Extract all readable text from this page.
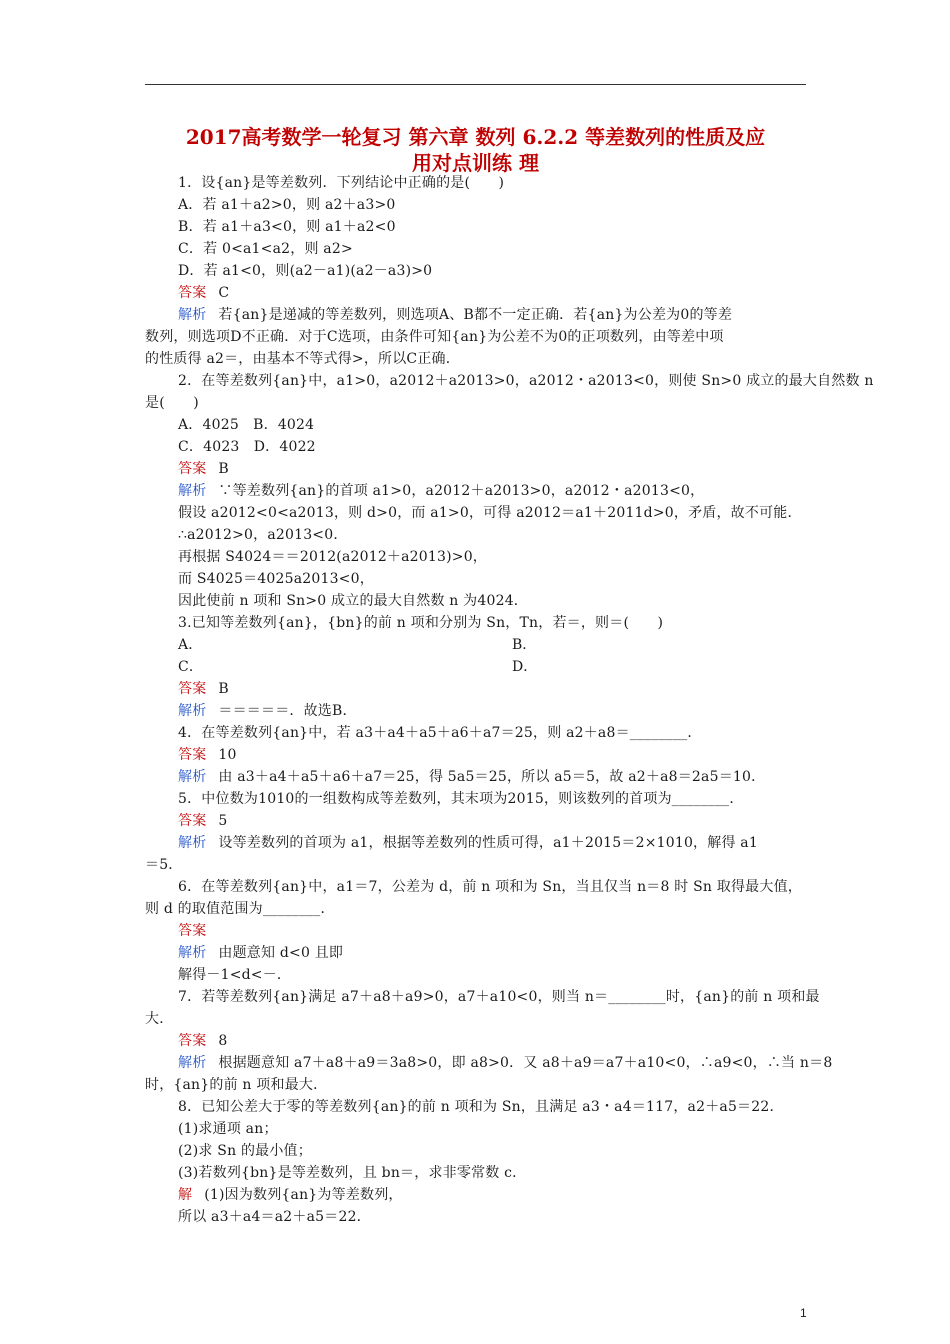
2017高考数学一轮复习 第六章 数列 6.2.2 等差数列的性质及应
用对点训练 理
1．设{an}是等差数列．下列结论中正确的是(　　)
A．若 a1＋a2>0，则 a2＋a3>0
B．若 a1＋a3<0，则 a1＋a2<0
C．若 0<a1<a2，则 a2>
D．若 a1<0，则(a2－a1)(a2－a3)>0
答案 C
解析 若{an}是递减的等差数列，则选项A、B都不一定正确．若{an}为公差为0的等差
数列，则选项D不正确．对于C选项，由条件可知{an}为公差不为0的正项数列，由等差中项
的性质得 a2＝，由基本不等式得>，所以C正确．
2．在等差数列{an}中，a1>0，a2012＋a2013>0，a2012・a2013<0，则使 Sn>0 成立的最大自然数 n
是(　　)
A．4025　B．4024
C．4023　D．4022
答案 B
解析 ∵等差数列{an}的首项 a1>0，a2012＋a2013>0，a2012・a2013<0，
假设 a2012<0<a2013，则 d>0，而 a1>0，可得 a2012＝a1＋2011d>0，矛盾，故不可能．
∴a2012>0，a2013<0．
再根据 S4024＝＝2012(a2012＋a2013)>0，
而 S4025＝4025a2013<0，
因此使前 n 项和 Sn>0 成立的最大自然数 n 为4024．
3.已知等差数列{an}，{bn}的前 n 项和分别为 Sn，Tn，若＝，则＝(　　)
A．	B．
C．	D．
答案 B
解析 ＝＝＝＝＝．故选B．
4．在等差数列{an}中，若 a3＋a4＋a5＋a6＋a7＝25，则 a2＋a8＝________．
答案 10
解析 由 a3＋a4＋a5＋a6＋a7＝25，得 5a5＝25，所以 a5＝5，故 a2＋a8＝2a5＝10．
5．中位数为1010的一组数构成等差数列，其末项为2015，则该数列的首项为________．
答案 5
解析 设等差数列的首项为 a1，根据等差数列的性质可得，a1＋2015＝2×1010，解得 a1
＝5．
6．在等差数列{an}中，a1＝7，公差为 d，前 n 项和为 Sn，当且仅当 n＝8 时 Sn 取得最大值，
则 d 的取值范围为________．
答案
解析 由题意知 d<0 且即
解得－1<d<－．
7．若等差数列{an}满足 a7＋a8＋a9>0，a7＋a10<0，则当 n＝________时，{an}的前 n 项和最
大．
答案 8
解析 根据题意知 a7＋a8＋a9＝3a8>0，即 a8>0．又 a8＋a9＝a7＋a10<0，∴a9<0，∴当 n＝8
时，{an}的前 n 项和最大．
8．已知公差大于零的等差数列{an}的前 n 项和为 Sn，且满足 a3・a4＝117，a2＋a5＝22．
(1)求通项 an；
(2)求 Sn 的最小值；
(3)若数列{bn}是等差数列，且 bn＝，求非零常数 c．
解 (1)因为数列{an}为等差数列，
所以 a3＋a4＝a2＋a5＝22．
1
